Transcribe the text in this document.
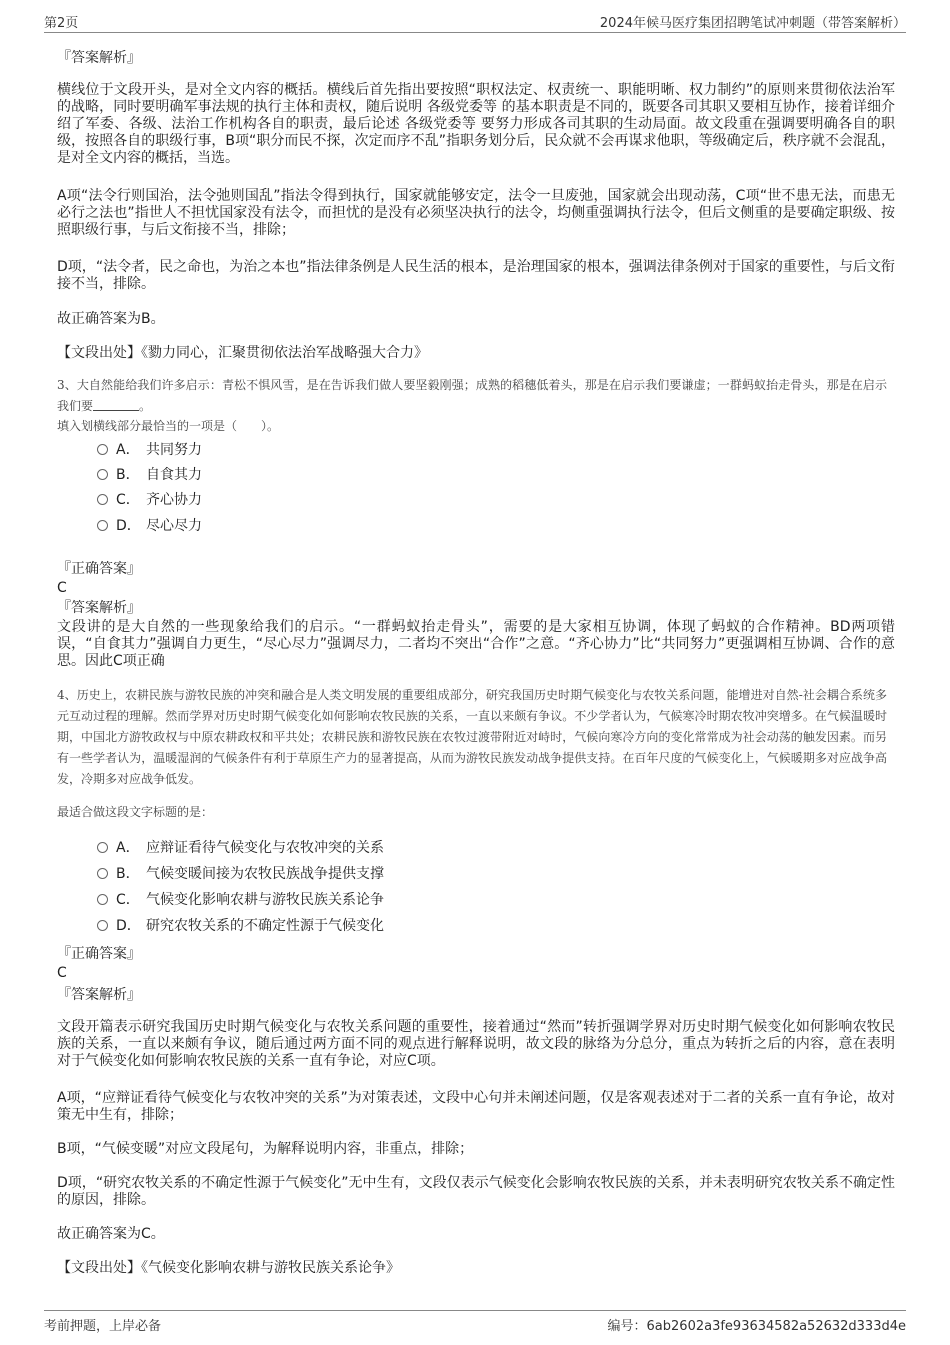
第2页	2024年候马医疗集团招聘笔试冲刺题（带答案解析）
『答案解析』
横线位于文段开头，是对全文内容的概括。横线后首先指出要按照“职权法定、权责统一、职能明晰、权力制约”的原则来贯彻依法治军的战略，同时要明确军事法规的执行主体和责权，随后说明 各级党委等 的基本职责是不同的，既要各司其职又要相互协作，接着详细介绍了军委、各级、法治工作机构各自的职责，最后论述 各级党委等 要努力形成各司其职的生动局面。故文段重在强调要明确各自的职级，按照各自的职级行事，B项“职分而民不探，次定而序不乱”指职务划分后，民众就不会再谋求他职，等级确定后，秩序就不会混乱，是对全文内容的概括，当选。
A项“法令行则国治，法令弛则国乱”指法令得到执行，国家就能够安定，法令一旦废弛，国家就会出现动荡，C项“世不患无法，而患无必行之法也”指世人不担忧国家没有法令，而担忧的是没有必须坚决执行的法令，均侧重强调执行法令，但后文侧重的是要确定职级、按照职级行事，与后文衔接不当，排除；
D项，“法令者，民之命也，为治之本也”指法律条例是人民生活的根本，是治理国家的根本，强调法律条例对于国家的重要性，与后文衔接不当，排除。
故正确答案为B。
【文段出处】《勠力同心，汇聚贯彻依法治军战略强大合力》
3、大自然能给我们许多启示：青松不惧风雪，是在告诉我们做人要坚毅刚强；成熟的稻穗低着头，那是在启示我们要谦虚；一群蚂蚁抬走骨头，那是在启示我们要	。
填入划横线部分最恰当的一项是（　　）。
A． 共同努力
B． 自食其力
C． 齐心协力
D． 尽心尽力
『正确答案』
C
『答案解析』
文段讲的是大自然的一些现象给我们的启示。“一群蚂蚁抬走骨头”，需要的是大家相互协调，体现了蚂蚁的合作精神。BD两项错误，“自食其力”强调自力更生，“尽心尽力”强调尽力，二者均不突出“合作”之意。“齐心协力”比“共同努力”更强调相互协调、合作的意思。因此C项正确
4、历史上，农耕民族与游牧民族的冲突和融合是人类文明发展的重要组成部分，研究我国历史时期气候变化与农牧关系问题，能增进对自然-社会耦合系统多元互动过程的理解。然而学界对历史时期气候变化如何影响农牧民族的关系，一直以来颇有争议。不少学者认为，气候寒冷时期农牧冲突增多。在气候温暖时期，中国北方游牧政权与中原农耕政权和平共处；农耕民族和游牧民族在农牧过渡带附近对峙时，气候向寒冷方向的变化常常成为社会动荡的触发因素。而另有一些学者认为，温暖湿润的气候条件有利于草原生产力的显著提高，从而为游牧民族发动战争提供支持。在百年尺度的气候变化上，气候暖期多对应战争高发，冷期多对应战争低发。
最适合做这段文字标题的是：
A． 应辩证看待气候变化与农牧冲突的关系
B． 气候变暖间接为农牧民族战争提供支撑
C． 气候变化影响农耕与游牧民族关系论争
D． 研究农牧关系的不确定性源于气候变化
『正确答案』
C
『答案解析』
文段开篇表示研究我国历史时期气候变化与农牧关系问题的重要性，接着通过“然而”转折强调学界对历史时期气候变化如何影响农牧民族的关系，一直以来颇有争议，随后通过两方面不同的观点进行解释说明，故文段的脉络为分总分，重点为转折之后的内容，意在表明对于气候变化如何影响农牧民族的关系一直有争论，对应C项。
A项，“应辩证看待气候变化与农牧冲突的关系”为对策表述，文段中心句并未阐述问题，仅是客观表述对于二者的关系一直有争论，故对策无中生有，排除；
B项，“气候变暖”对应文段尾句，为解释说明内容，非重点，排除；
D项，“研究农牧关系的不确定性源于气候变化”无中生有，文段仅表示气候变化会影响农牧民族的关系，并未表明研究农牧关系不确定性的原因，排除。
故正确答案为C。
【文段出处】《气候变化影响农耕与游牧民族关系论争》
考前押题，上岸必备	编号：6ab2602a3fe93634582a52632d333d4e
